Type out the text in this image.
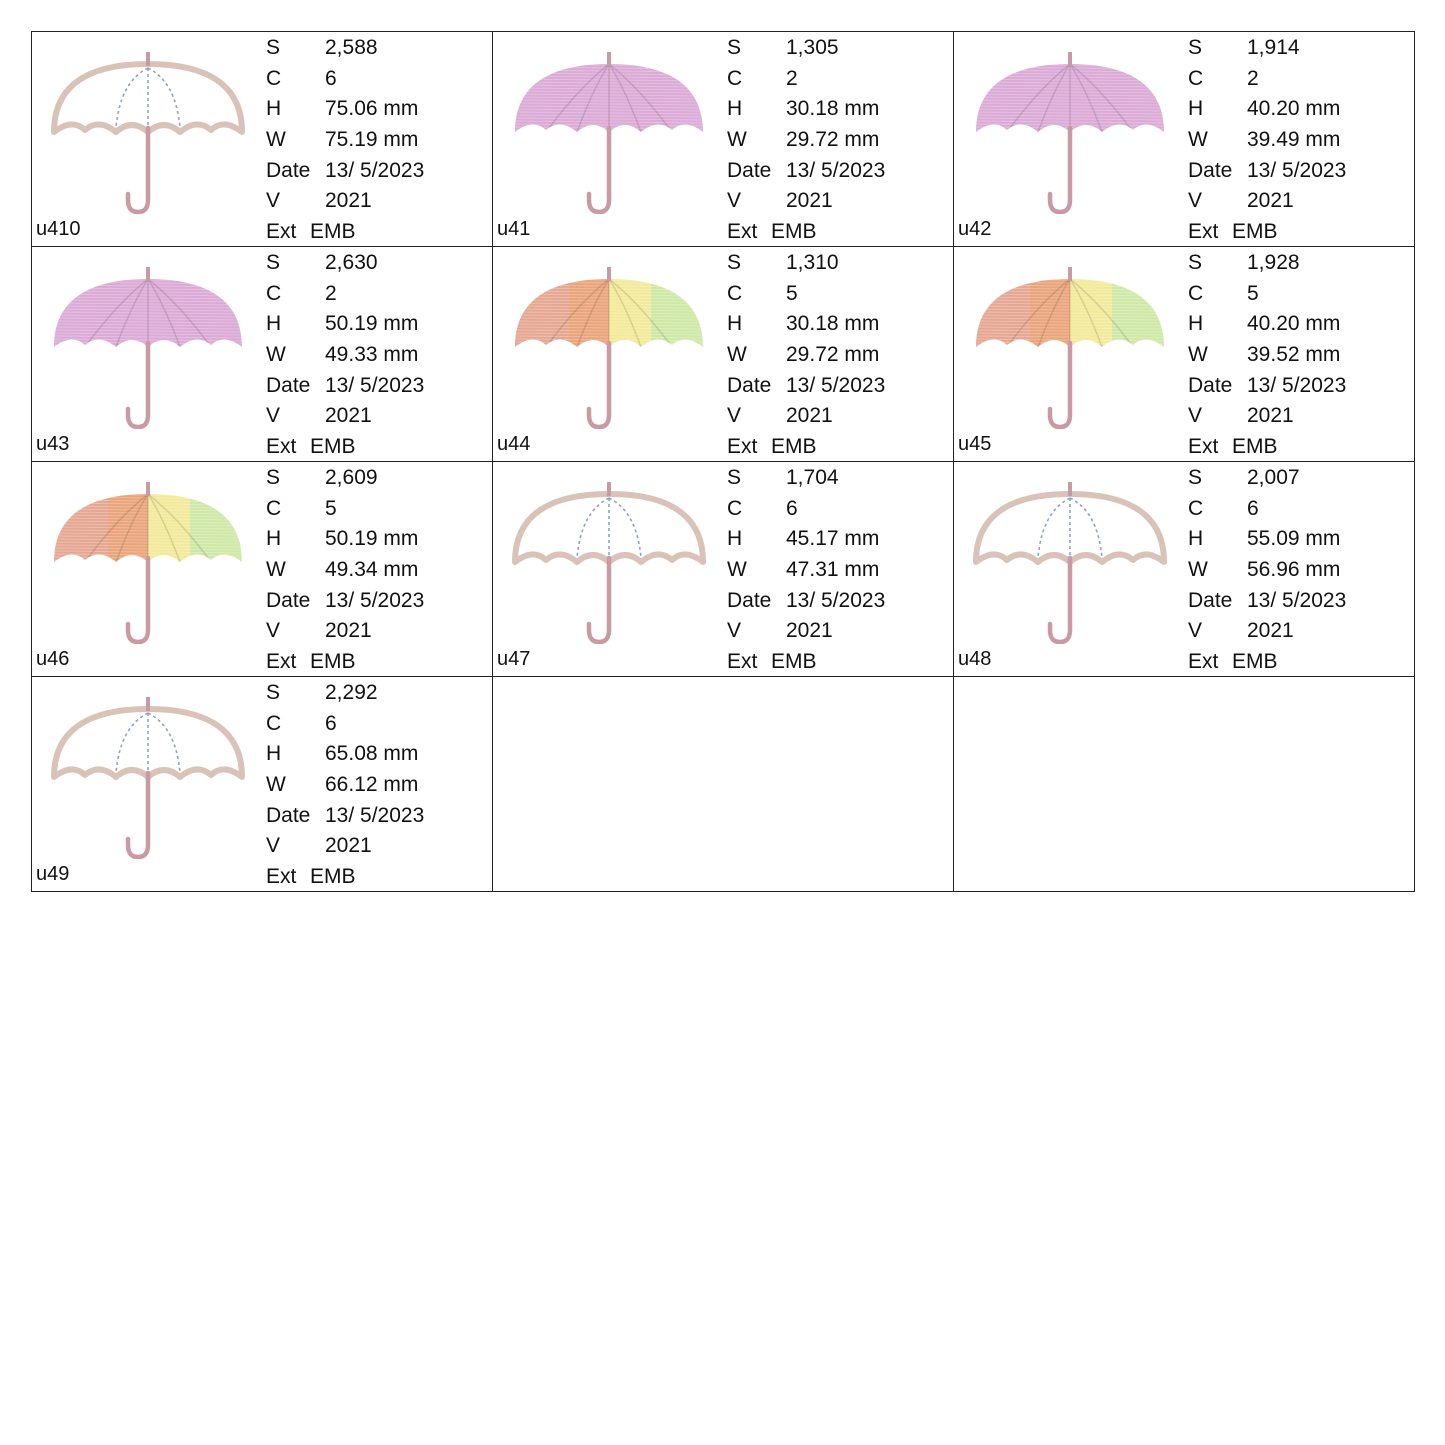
u410
S 2,588
C 6
H 75.06 mm
W 75.19 mm
Date 13/ 5/2023
V 2021
Ext EMB	u41
S 1,305
C 2
H 30.18 mm
W 29.72 mm
Date 13/ 5/2023
V 2021
Ext EMB	u42
S 1,914
C 2
H 40.20 mm
W 39.49 mm
Date 13/ 5/2023
V 2021
Ext EMB
u43
S 2,630
C 2
H 50.19 mm
W 49.33 mm
Date 13/ 5/2023
V 2021
Ext EMB	u44
S 1,310
C 5
H 30.18 mm
W 29.72 mm
Date 13/ 5/2023
V 2021
Ext EMB	u45
S 1,928
C 5
H 40.20 mm
W 39.52 mm
Date 13/ 5/2023
V 2021
Ext EMB
u46
S 2,609
C 5
H 50.19 mm
W 49.34 mm
Date 13/ 5/2023
V 2021
Ext EMB	u47
S 1,704
C 6
H 45.17 mm
W 47.31 mm
Date 13/ 5/2023
V 2021
Ext EMB	u48
S 2,007
C 6
H 55.09 mm
W 56.96 mm
Date 13/ 5/2023
V 2021
Ext EMB
u49
S 2,292
C 6
H 65.08 mm
W 66.12 mm
Date 13/ 5/2023
V 2021
Ext EMB
